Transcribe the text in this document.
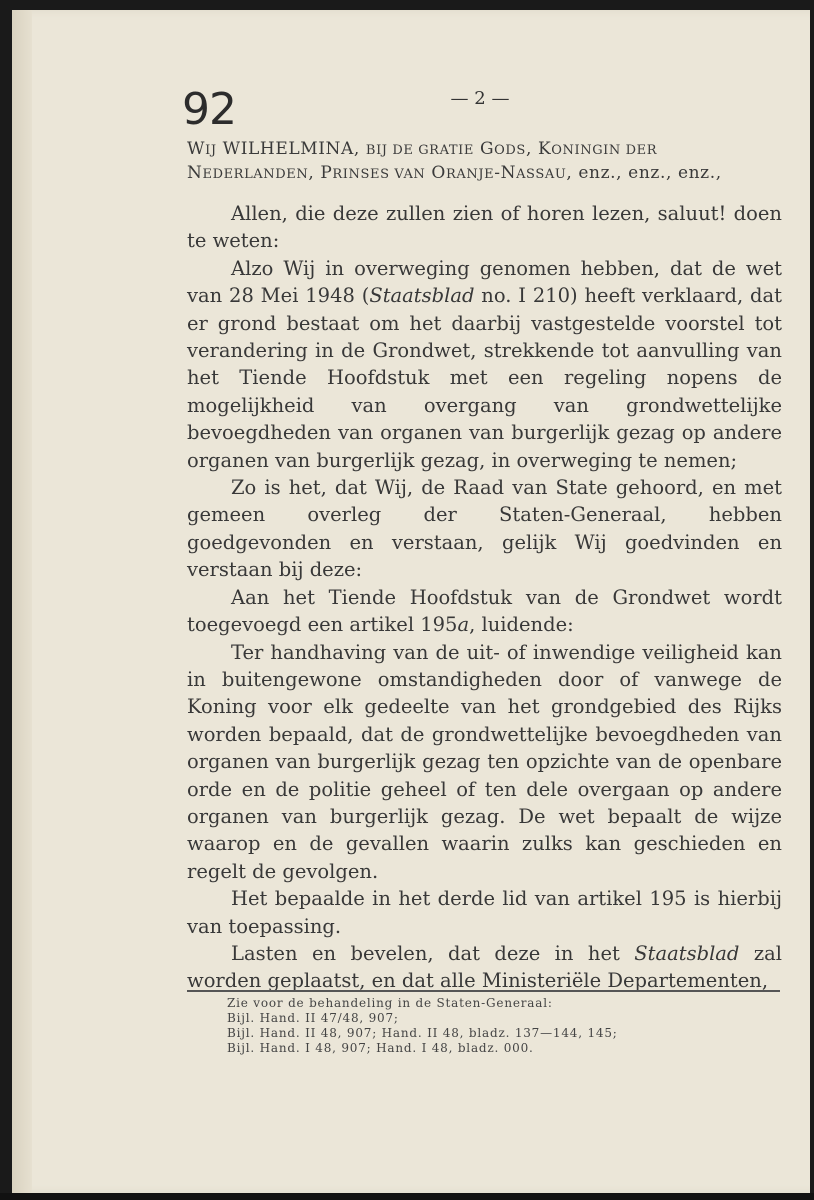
92	— 2 —
WIJ WILHELMINA, BIJ DE GRATIE GODS, KONINGIN DER
NEDERLANDEN, PRINSES VAN ORANJE-NASSAU, enz., enz., enz.,

Allen, die deze zullen zien of horen lezen, saluut! doen te weten:

Alzo Wij in overweging genomen hebben, dat de wet van 28 Mei 1948 (Staatsblad no. I 210) heeft verklaard, dat er grond bestaat om het daarbij vastgestelde voorstel tot verandering in de Grondwet, strekkende tot aanvulling van het Tiende Hoofdstuk met een regeling nopens de mogelijkheid van overgang van grondwettelijke bevoegdheden van organen van burgerlijk gezag op andere organen van burgerlijk gezag, in overweging te nemen;

Zo is het, dat Wij, de Raad van State gehoord, en met gemeen overleg der Staten-Generaal, hebben goedgevonden en verstaan, gelijk Wij goedvinden en verstaan bij deze:

Aan het Tiende Hoofdstuk van de Grondwet wordt toegevoegd een artikel 195a, luidende:

Ter handhaving van de uit- of inwendige veiligheid kan in buitengewone omstandigheden door of vanwege de Koning voor elk gedeelte van het grondgebied des Rijks worden bepaald, dat de grondwettelijke bevoegdheden van organen van burgerlijk gezag ten opzichte van de openbare orde en de politie geheel of ten dele overgaan op andere organen van burgerlijk gezag. De wet bepaalt de wijze waarop en de gevallen waarin zulks kan geschieden en regelt de gevolgen.

Het bepaalde in het derde lid van artikel 195 is hierbij van toepassing.

Lasten en bevelen, dat deze in het Staatsblad zal worden geplaatst, en dat alle Ministeriële Departementen,

Zie voor de behandeling in de Staten-Generaal:
Bijl. Hand. II 47/48, 907;
Bijl. Hand. II 48, 907; Hand. II 48, bladz. 137—144, 145;
Bijl. Hand. I 48, 907; Hand. I 48, bladz. 000.
